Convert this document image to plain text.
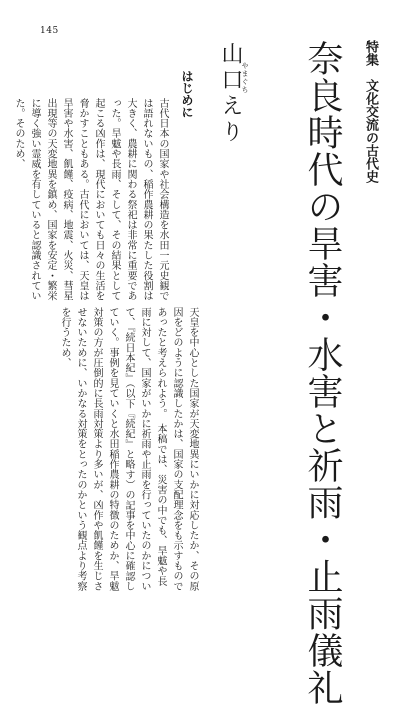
145
特集　文化交流の古代史
奈良時代の旱害・水害と祈雨・止雨儀礼
やまぐち
山口えり
はじめに

古代日本の国家や社会構造を水田一元史観では語れないもの、稲作農耕の果たした役割は大きく、農耕に関わる祭祀は非常に重要であった。旱魃や長雨、そして、その結果として起こる凶作は、現代においても日々の生活を脅かすこともある。古代においては、天皇は旱害や水害、飢饉、疫病、地震、火災、彗星出現等の天変地異を鎮め、国家を安定・繁栄に導く強い霊威を有していると認識されていた。そのため、

天皇を中心とした国家が天変地異にいかに対応したか、その原因をどのように認識したかは、国家の支配理念をも示すものであったと考えられよう。　本稿では、災害の中でも、旱魃や長雨に対して、国家がいかに祈雨や止雨を行っていたのかについて、『続日本紀』（以下『続紀』と略す）の記事を中心に確認していく。事例を見ていくと水田稲作農耕の特徴のためか、旱魃対策の方が圧倒的に長雨対策より多いが、凶作や飢饉を生じさせないために、いかなる対策をとったのかという観点より考察を行うため、
